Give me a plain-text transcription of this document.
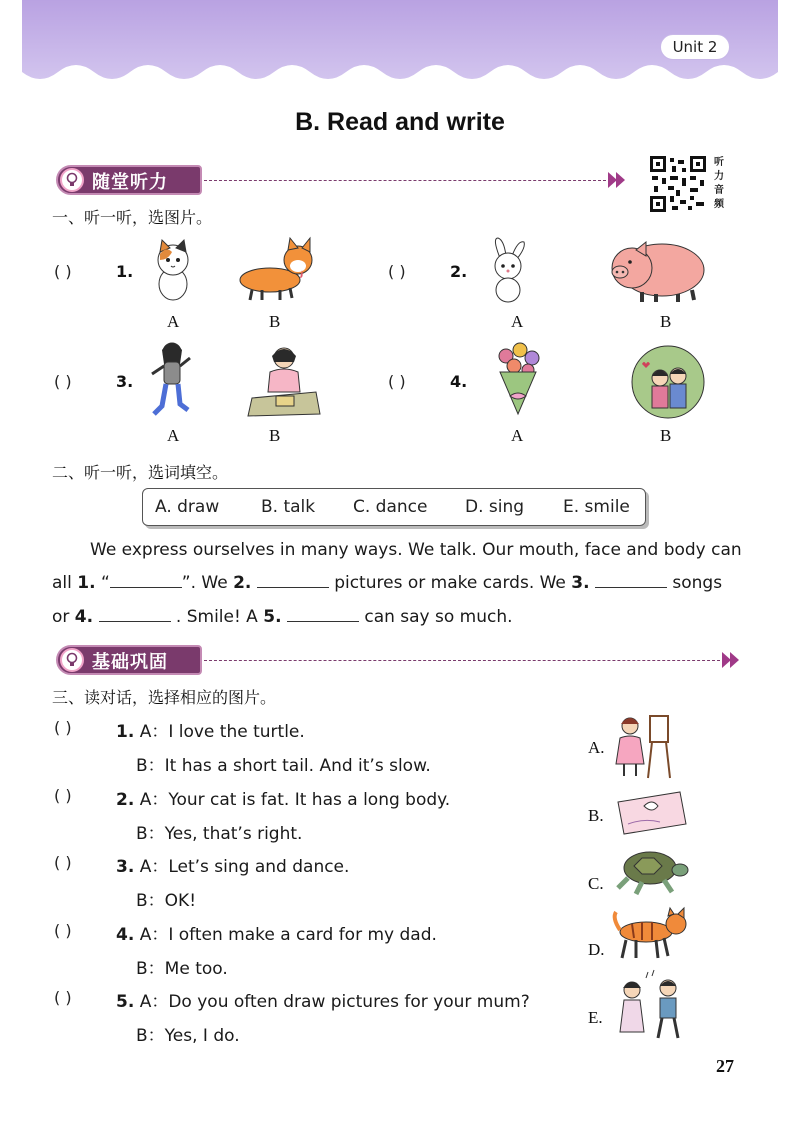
Unit 2
B. Read and write
随堂听力
听
力
音
频
一、听一听，选图片。
( )	1.
A	B
( )	2.
A	B
( )	3.
A	B
( )	4.
A	B
二、听一听，选词填空。
A. draw B. talk C. dance D. sing E. smile
We express ourselves in many ways. We talk. Our mouth, face and body can
all 1. “	”. We 2.	pictures or make cards. We 3.	songs
or 4.	. Smile! A 5.	can say so much.
基础巩固
三、读对话，选择相应的图片。
( )	1. A：I love the turtle.
B：It has a short tail. And it’s slow.
( )	2. A：Your cat is fat. It has a long body.
B：Yes, that’s right.
( )	3. A：Let’s sing and dance.
B：OK!
( )	4. A：I often make a card for my dad.
B：Me too.
( )	5. A：Do you often draw pictures for your mum?
B：Yes, I do.
A.
B.
C.
D.
E.
27
